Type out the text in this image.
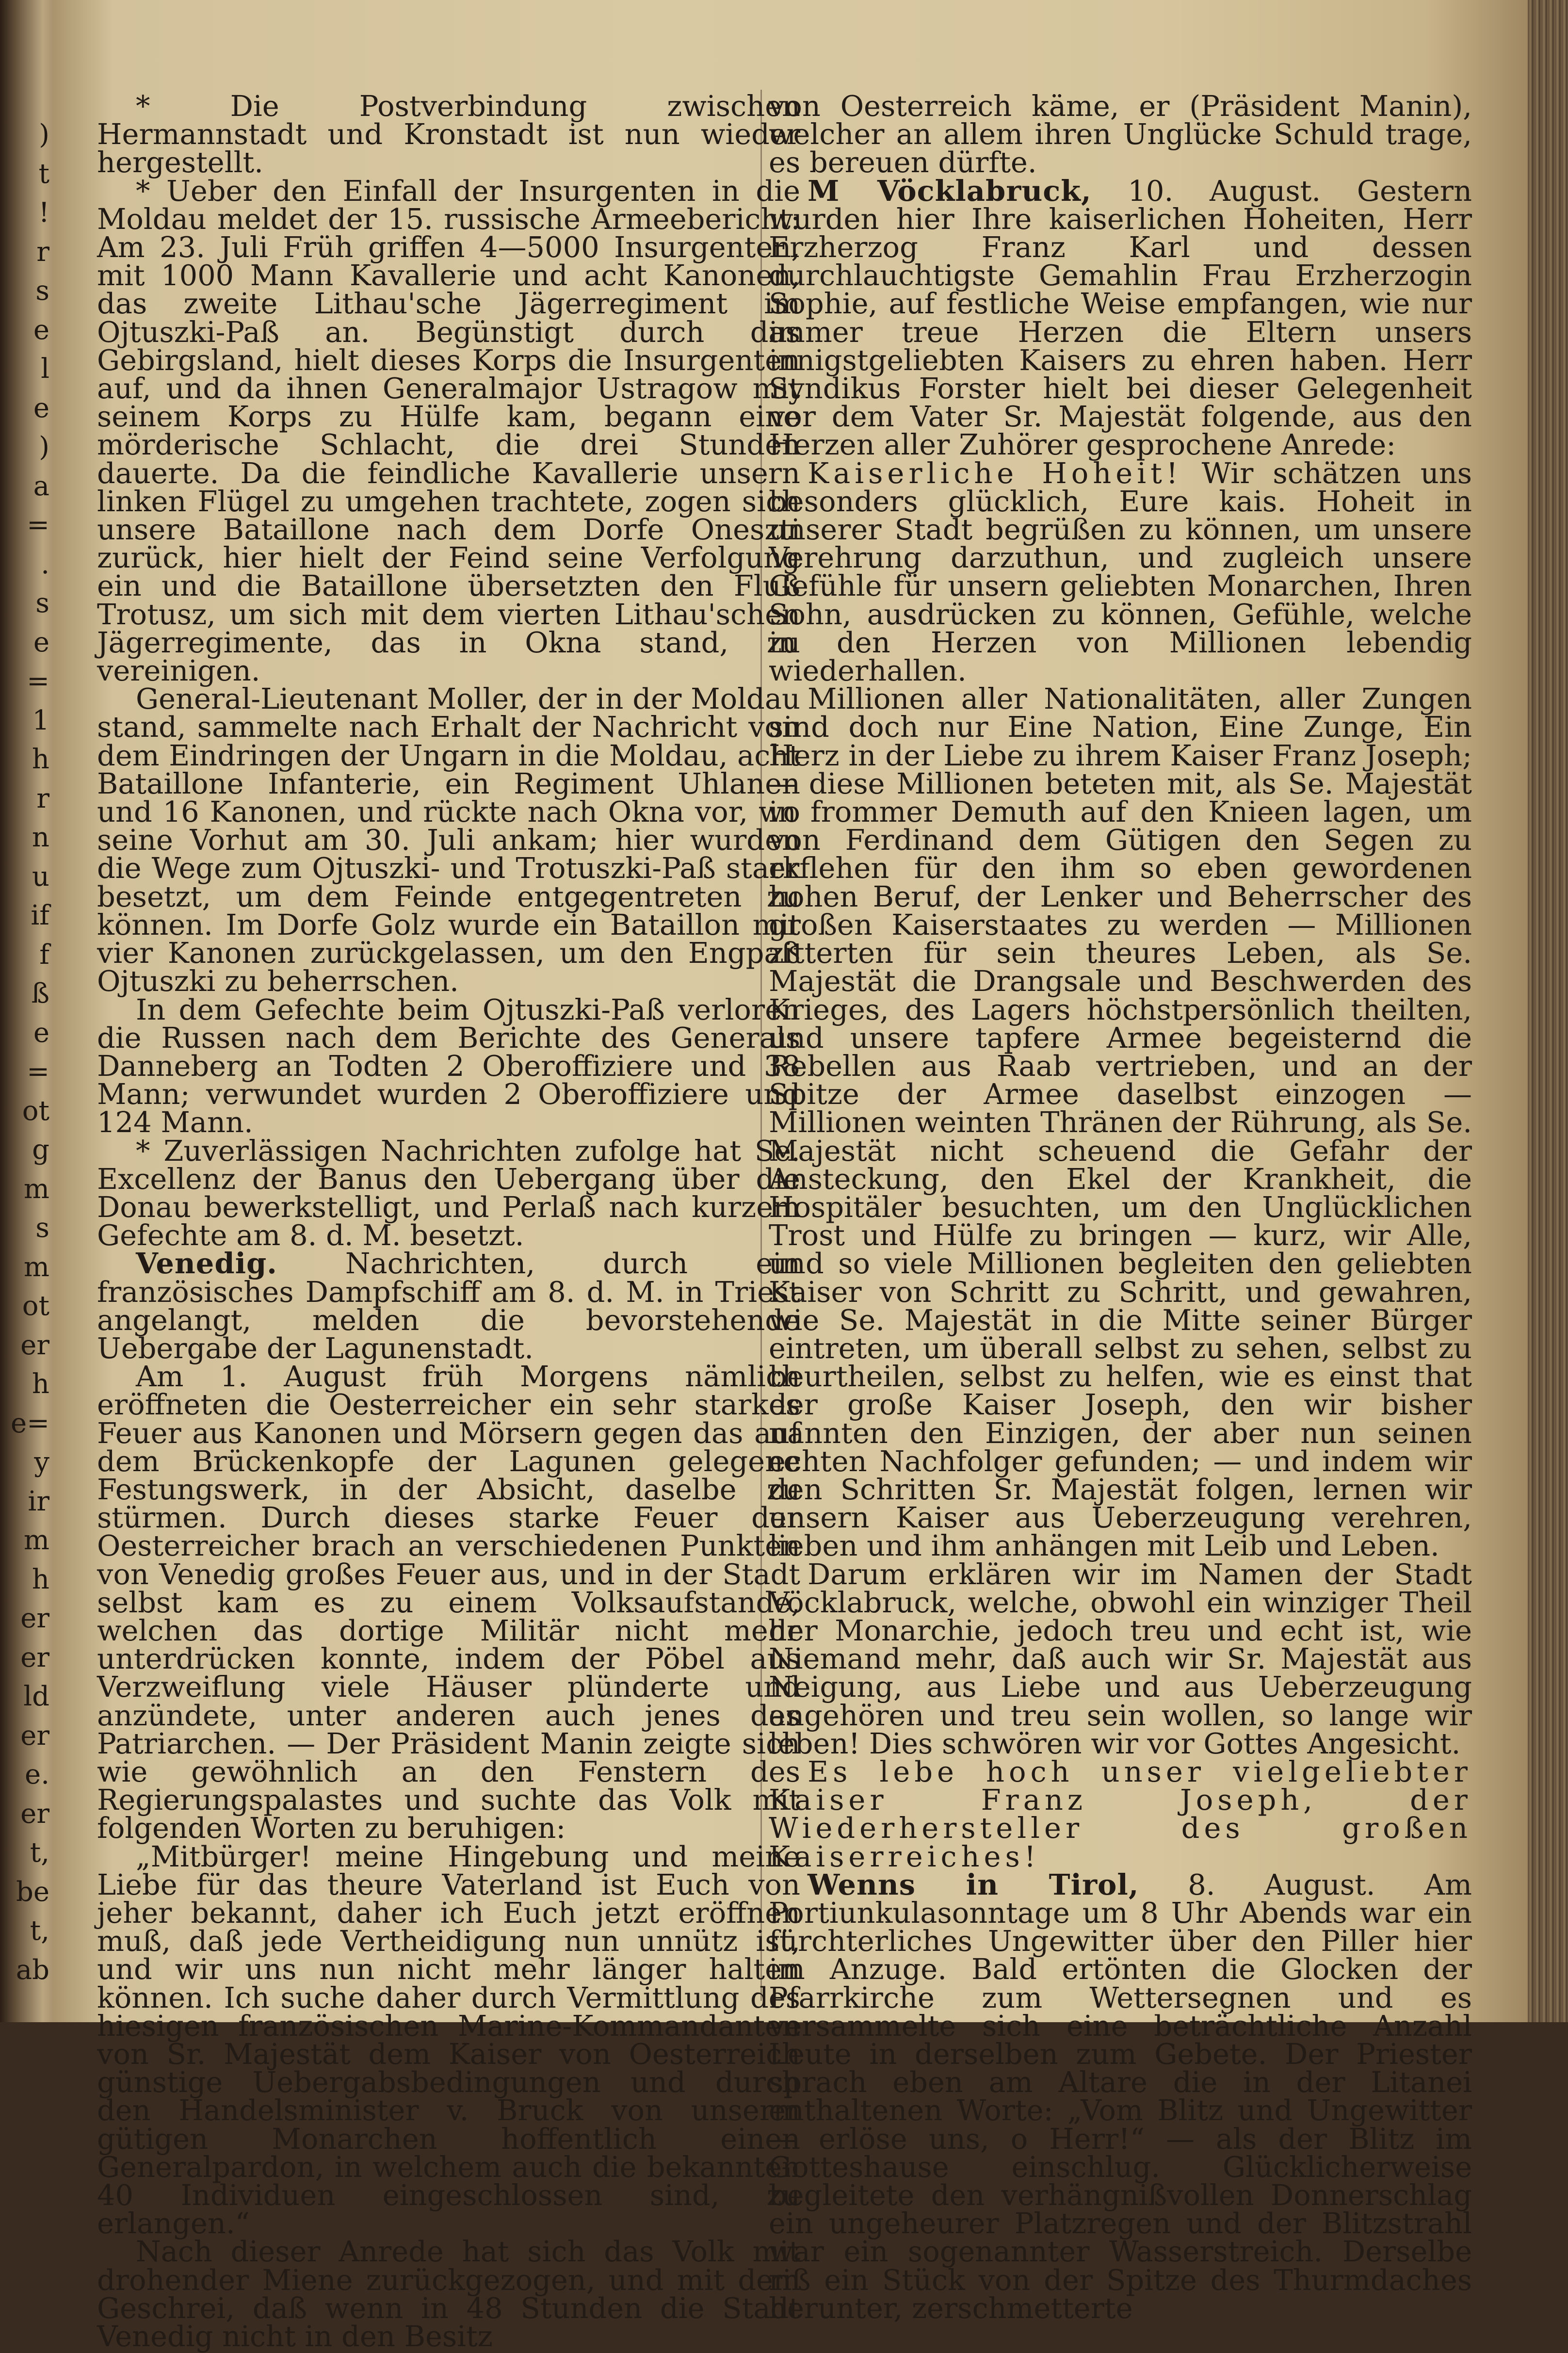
)
t
!
r
s
e
l
e
)
a
=
.
s
e
=
1
h
r
n
u
if
f
ß
e
=
ot
g
m
s
m
ot
er
h
e=
y
ir
m
h
er
er
ld
er
e.
er
t,
be
t,
ab

* Die Postverbindung zwischen Hermannstadt und Kronstadt ist nun wieder hergestellt.

* Ueber den Einfall der Insurgenten in die Moldau meldet der 15. russische Armeebericht: Am 23. Juli Früh griffen 4—5000 Insurgenten, mit 1000 Mann Kavallerie und acht Kanonen, das zweite Lithau'sche Jägerregiment im Ojtuszki-Paß an. Begünstigt durch das Gebirgsland, hielt dieses Korps die Insurgenten auf, und da ihnen Generalmajor Ustragow mit seinem Korps zu Hülfe kam, begann eine mörderische Schlacht, die drei Stunden dauerte. Da die feindliche Kavallerie unsern linken Flügel zu umgehen trachtete, zogen sich unsere Bataillone nach dem Dorfe Oneszti zurück, hier hielt der Feind seine Verfolgung ein und die Bataillone übersetzten den Fluß Trotusz, um sich mit dem vierten Lithau'schen Jägerregimente, das in Okna stand, zu vereinigen.

General-Lieutenant Moller, der in der Moldau stand, sammelte nach Erhalt der Nachricht von dem Eindringen der Ungarn in die Moldau, acht Bataillone Infanterie, ein Regiment Uhlanen und 16 Kanonen, und rückte nach Okna vor, wo seine Vorhut am 30. Juli ankam; hier wurden die Wege zum Ojtuszki- und Trotuszki-Paß stark besetzt, um dem Feinde entgegentreten zu können. Im Dorfe Golz wurde ein Bataillon mit vier Kanonen zurückgelassen, um den Engpaß Ojtuszki zu beherrschen.

In dem Gefechte beim Ojtuszki-Paß verloren die Russen nach dem Berichte des Generals Danneberg an Todten 2 Oberoffiziere und 38 Mann; verwundet wurden 2 Oberoffiziere und 124 Mann.

* Zuverlässigen Nachrichten zufolge hat Se. Excellenz der Banus den Uebergang über die Donau bewerkstelligt, und Perlaß nach kurzem Gefechte am 8. d. M. besetzt.

Venedig. Nachrichten, durch ein französisches Dampfschiff am 8. d. M. in Triest angelangt, melden die bevorstehende Uebergabe der Lagunenstadt.

Am 1. August früh Morgens nämlich eröffneten die Oesterreicher ein sehr starkes Feuer aus Kanonen und Mörsern gegen das auf dem Brückenkopfe der Lagunen gelegene Festungswerk, in der Absicht, daselbe zu stürmen. Durch dieses starke Feuer der Oesterreicher brach an verschiedenen Punkten von Venedig großes Feuer aus, und in der Stadt selbst kam es zu einem Volksaufstande, welchen das dortige Militär nicht mehr unterdrücken konnte, indem der Pöbel aus Verzweiflung viele Häuser plünderte und anzündete, unter anderen auch jenes des Patriarchen. — Der Präsident Manin zeigte sich wie gewöhnlich an den Fenstern des Regierungspalastes und suchte das Volk mit folgenden Worten zu beruhigen:

„Mitbürger! meine Hingebung und meine Liebe für das theure Vaterland ist Euch von jeher bekannt, daher ich Euch jetzt eröffnen muß, daß jede Vertheidigung nun unnütz ist, und wir uns nun nicht mehr länger halten können. Ich suche daher durch Vermittlung des hiesigen französischen Marine-Kommandanten von Sr. Majestät dem Kaiser von Oesterreich günstige Uebergabsbedingungen und durch den Handelsminister v. Bruck von unserm gütigen Monarchen hoffentlich einen Generalpardon, in welchem auch die bekannten 40 Individuen eingeschlossen sind, zu erlangen.“

Nach dieser Anrede hat sich das Volk mit drohender Miene zurückgezogen, und mit dem Geschrei, daß wenn in 48 Stunden die Stadt Venedig nicht in den Besitz

von Oesterreich käme, er (Präsident Manin), welcher an allem ihren Unglücke Schuld trage, es bereuen dürfte.

M Vöcklabruck, 10. August. Gestern wurden hier Ihre kaiserlichen Hoheiten, Herr Erzherzog Franz Karl und dessen durchlauchtigste Gemahlin Frau Erzherzogin Sophie, auf festliche Weise empfangen, wie nur immer treue Herzen die Eltern unsers innigstgeliebten Kaisers zu ehren haben. Herr Syndikus Forster hielt bei dieser Gelegenheit vor dem Vater Sr. Majestät folgende, aus den Herzen aller Zuhörer gesprochene Anrede:

Kaiserliche Hoheit! Wir schätzen uns besonders glücklich, Eure kais. Hoheit in unserer Stadt begrüßen zu können, um unsere Verehrung darzuthun, und zugleich unsere Gefühle für unsern geliebten Monarchen, Ihren Sohn, ausdrücken zu können, Gefühle, welche in den Herzen von Millionen lebendig wiederhallen.

Millionen aller Nationalitäten, aller Zungen sind doch nur Eine Nation, Eine Zunge, Ein Herz in der Liebe zu ihrem Kaiser Franz Joseph; — diese Millionen beteten mit, als Se. Majestät in frommer Demuth auf den Knieen lagen, um von Ferdinand dem Gütigen den Segen zu erflehen für den ihm so eben gewordenen hohen Beruf, der Lenker und Beherrscher des großen Kaiserstaates zu werden — Millionen zitterten für sein theures Leben, als Se. Majestät die Drangsale und Beschwerden des Krieges, des Lagers höchstpersönlich theilten, und unsere tapfere Armee begeisternd die Rebellen aus Raab vertrieben, und an der Spitze der Armee daselbst einzogen — Millionen weinten Thränen der Rührung, als Se. Majestät nicht scheuend die Gefahr der Ansteckung, den Ekel der Krankheit, die Hospitäler besuchten, um den Unglücklichen Trost und Hülfe zu bringen — kurz, wir Alle, und so viele Millionen begleiten den geliebten Kaiser von Schritt zu Schritt, und gewahren, wie Se. Majestät in die Mitte seiner Bürger eintreten, um überall selbst zu sehen, selbst zu beurtheilen, selbst zu helfen, wie es einst that der große Kaiser Joseph, den wir bisher nannten den Einzigen, der aber nun seinen echten Nachfolger gefunden; — und indem wir den Schritten Sr. Majestät folgen, lernen wir unsern Kaiser aus Ueberzeugung verehren, lieben und ihm anhängen mit Leib und Leben.

Darum erklären wir im Namen der Stadt Vöcklabruck, welche, obwohl ein winziger Theil der Monarchie, jedoch treu und echt ist, wie Niemand mehr, daß auch wir Sr. Majestät aus Neigung, aus Liebe und aus Ueberzeugung angehören und treu sein wollen, so lange wir leben! Dies schwören wir vor Gottes Angesicht.

Es lebe hoch unser vielgeliebter Kaiser Franz Joseph, der Wiederhersteller des großen Kaiserreiches!

Wenns in Tirol, 8. August. Am Portiunkulasonntage um 8 Uhr Abends war ein fürchterliches Ungewitter über den Piller hier im Anzuge. Bald ertönten die Glocken der Pfarrkirche zum Wettersegnen und es versammelte sich eine beträchtliche Anzahl Leute in derselben zum Gebete. Der Priester sprach eben am Altare die in der Litanei enthaltenen Worte: „Vom Blitz und Ungewitter — erlöse uns, o Herr!“ — als der Blitz im Gotteshause einschlug. Glücklicherweise begleitete den verhängnißvollen Donnerschlag ein ungeheurer Platzregen und der Blitzstrahl war ein sogenannter Wasserstreich. Derselbe riß ein Stück von der Spitze des Thurmdaches herunter, zerschmetterte
